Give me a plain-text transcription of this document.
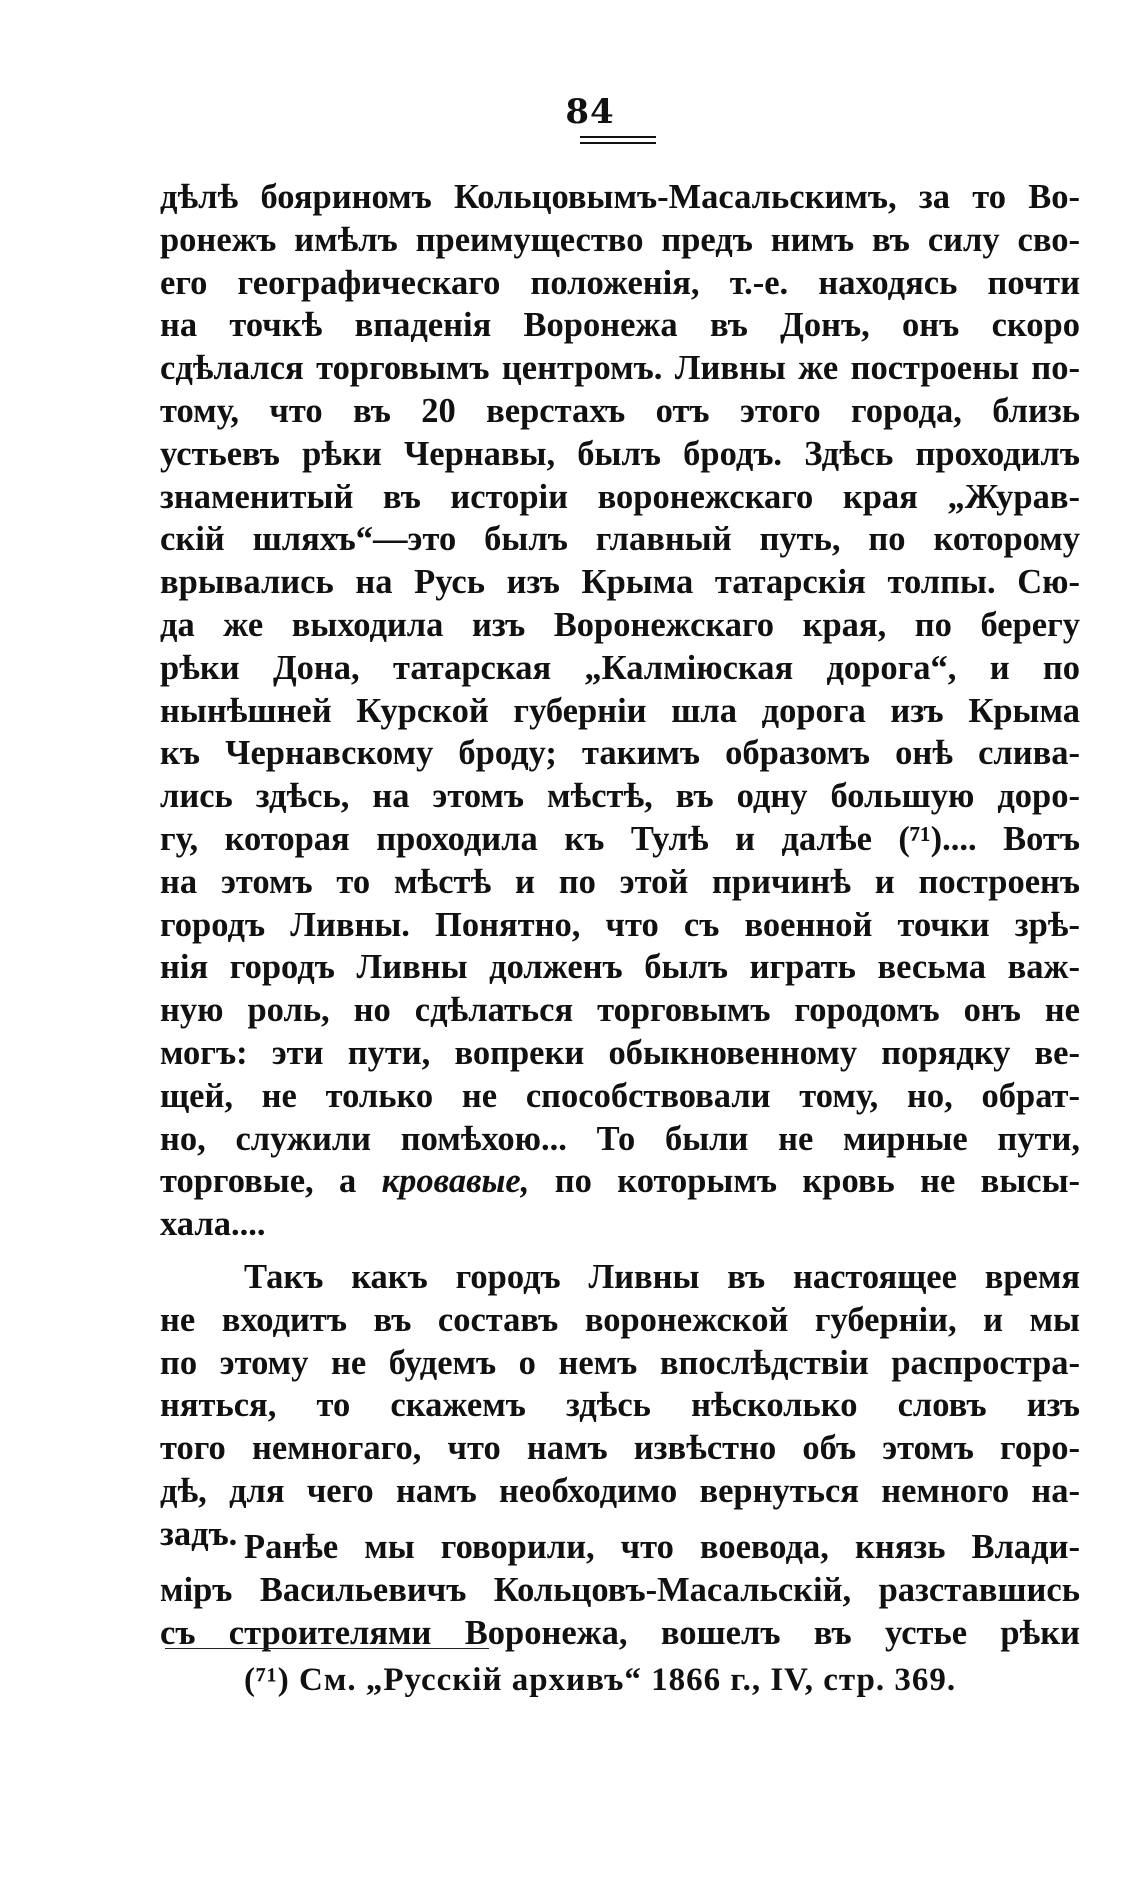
84
дѣлѣ бояриномъ Кольцовымъ-Масальскимъ, за то Во-
ронежъ имѣлъ преимущество предъ нимъ въ силу сво-
его географическаго положенія, т.-е. находясь почти
на точкѣ впаденія Воронежа въ Донъ, онъ скоро
сдѣлался торговымъ центромъ. Ливны же построены по-
тому, что въ 20 верстахъ отъ этого города, близь
устьевъ рѣки Чернавы, былъ бродъ. Здѣсь проходилъ
знаменитый въ исторіи воронежскаго края „Журав-
скій шляхъ“—это былъ главный путь, по которому
врывались на Русь изъ Крыма татарскія толпы. Сю-
да же выходила изъ Воронежскаго края, по берегу
рѣки Дона, татарская „Калміюская дорога“, и по
нынѣшней Курской губерніи шла дорога изъ Крыма
къ Чернавскому броду; такимъ образомъ онѣ слива-
лись здѣсь, на этомъ мѣстѣ, въ одну большую доро-
гу, которая проходила къ Тулѣ и далѣе (⁷¹).... Вотъ
на этомъ то мѣстѣ и по этой причинѣ и построенъ
городъ Ливны. Понятно, что съ военной точки зрѣ-
нія городъ Ливны долженъ былъ играть весьма важ-
ную роль, но сдѣлаться торговымъ городомъ онъ не
могъ: эти пути, вопреки обыкновенному порядку ве-
щей, не только не способствовали тому, но, обрат-
но, служили помѣхою... То были не мирные пути,
торговые, а кровавые, по которымъ кровь не высы-
хала....
Такъ какъ городъ Ливны въ настоящее время
не входитъ въ составъ воронежской губерніи, и мы
по этому не будемъ о немъ впослѣдствіи распростра-
няться, то скажемъ здѣсь нѣсколько словъ изъ
того немногаго, что намъ извѣстно объ этомъ горо-
дѣ, для чего намъ необходимо вернуться немного на-
задъ. Ранѣе мы говорили, что воевода, князь Влади-
міръ Васильевичъ Кольцовъ-Масальскій, разставшись
съ строителями Воронежа, вошелъ въ устье рѣки
(⁷¹) См. „Русскій архивъ“ 1866 г., IV, стр. 369.
